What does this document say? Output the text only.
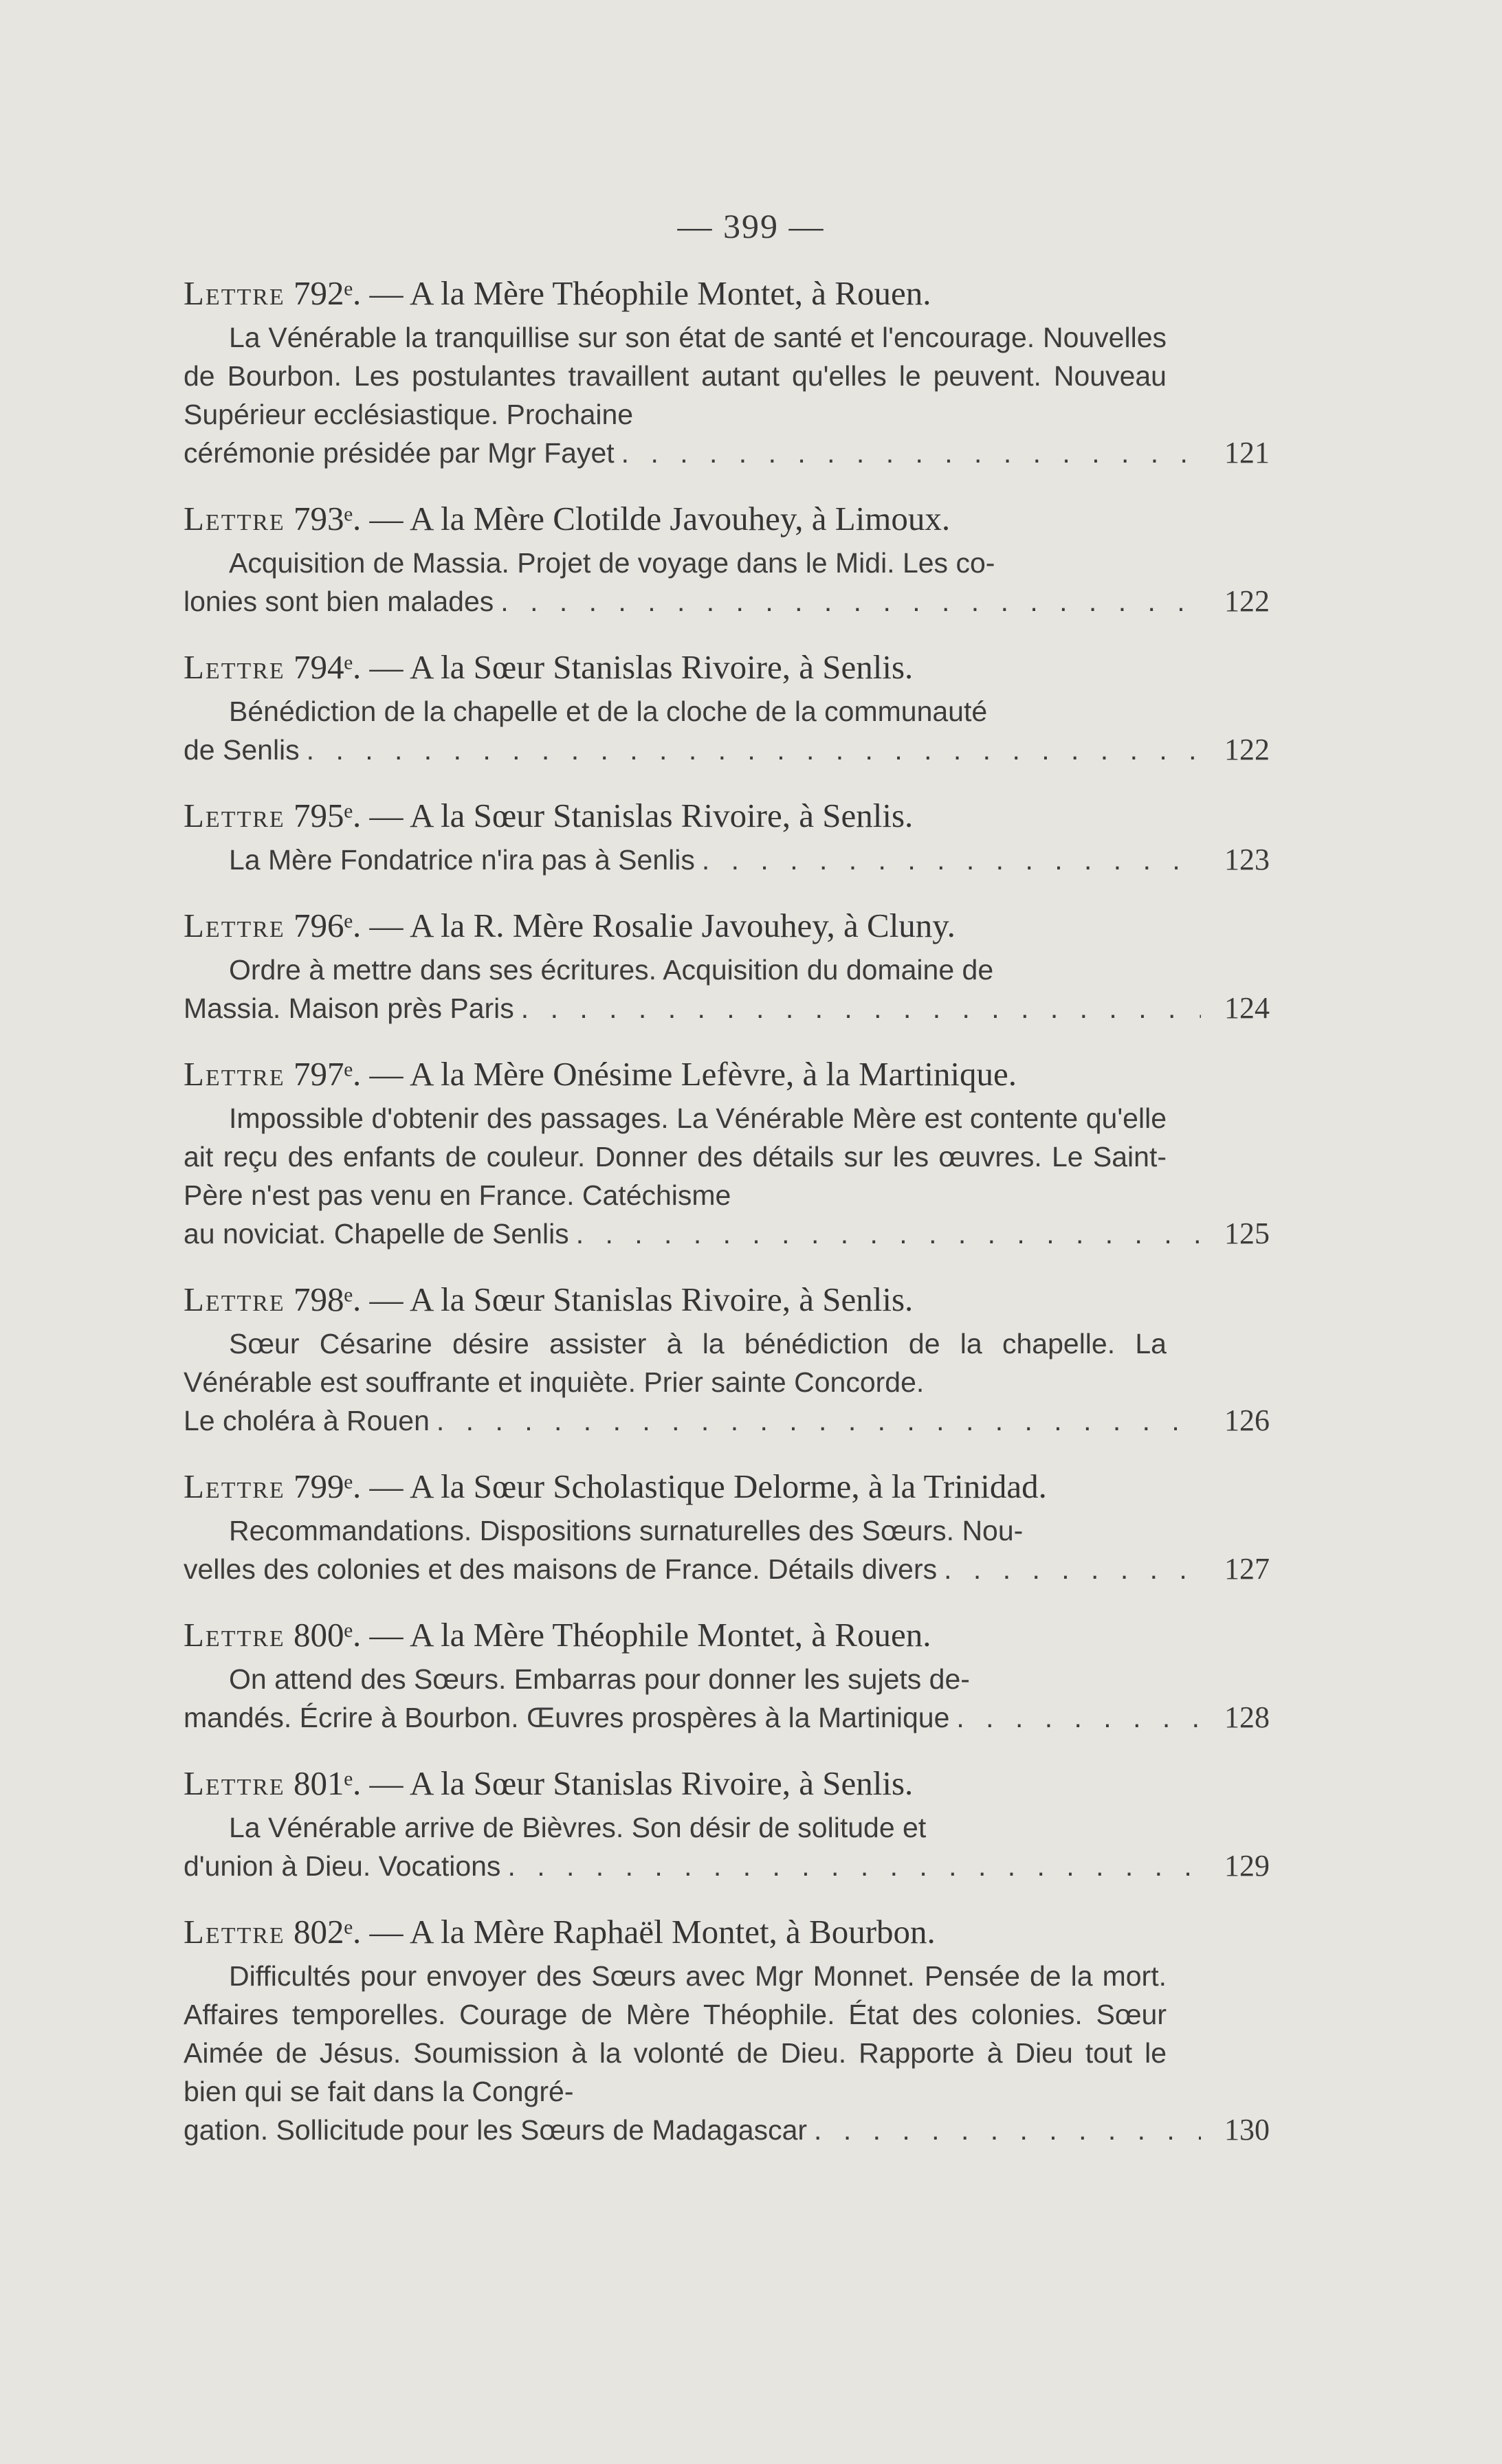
— 399 —
Lettre 792ᵉ. — A la Mère Théophile Montet, à Rouen.
La Vénérable la tranquillise sur son état de santé et l'encourage. Nouvelles de Bourbon. Les postulantes travaillent autant qu'elles le peuvent. Nouveau Supérieur ecclésiastique. Prochaine
cérémonie présidée par Mgr Fayet . . .	121
Lettre 793ᵉ. — A la Mère Clotilde Javouhey, à Limoux.
Acquisition de Massia. Projet de voyage dans le Midi. Les co-
lonies sont bien malades . . .	122
Lettre 794ᵉ. — A la Sœur Stanislas Rivoire, à Senlis.
Bénédiction de la chapelle et de la cloche de la communauté
de Senlis . . .	122
Lettre 795ᵉ. — A la Sœur Stanislas Rivoire, à Senlis.
La Mère Fondatrice n'ira pas à Senlis . . .	123
Lettre 796ᵉ. — A la R. Mère Rosalie Javouhey, à Cluny.
Ordre à mettre dans ses écritures. Acquisition du domaine de
Massia. Maison près Paris . . .	124
Lettre 797ᵉ. — A la Mère Onésime Lefèvre, à la Martinique.
Impossible d'obtenir des passages. La Vénérable Mère est contente qu'elle ait reçu des enfants de couleur. Donner des détails sur les œuvres. Le Saint-Père n'est pas venu en France. Catéchisme
au noviciat. Chapelle de Senlis . . .	125
Lettre 798ᵉ. — A la Sœur Stanislas Rivoire, à Senlis.
Sœur Césarine désire assister à la bénédiction de la chapelle. La Vénérable est souffrante et inquiète. Prier sainte Concorde.
Le choléra à Rouen . . .	126
Lettre 799ᵉ. — A la Sœur Scholastique Delorme, à la Trinidad.
Recommandations. Dispositions surnaturelles des Sœurs. Nou-
velles des colonies et des maisons de France. Détails divers . . .	127
Lettre 800ᵉ. — A la Mère Théophile Montet, à Rouen.
On attend des Sœurs. Embarras pour donner les sujets de-
mandés. Écrire à Bourbon. Œuvres prospères à la Martinique . . .	128
Lettre 801ᵉ. — A la Sœur Stanislas Rivoire, à Senlis.
La Vénérable arrive de Bièvres. Son désir de solitude et
d'union à Dieu. Vocations . . .	129
Lettre 802ᵉ. — A la Mère Raphaël Montet, à Bourbon.
Difficultés pour envoyer des Sœurs avec Mgr Monnet. Pensée de la mort. Affaires temporelles. Courage de Mère Théophile. État des colonies. Sœur Aimée de Jésus. Soumission à la volonté de Dieu. Rapporte à Dieu tout le bien qui se fait dans la Congré-
gation. Sollicitude pour les Sœurs de Madagascar . . .	130
